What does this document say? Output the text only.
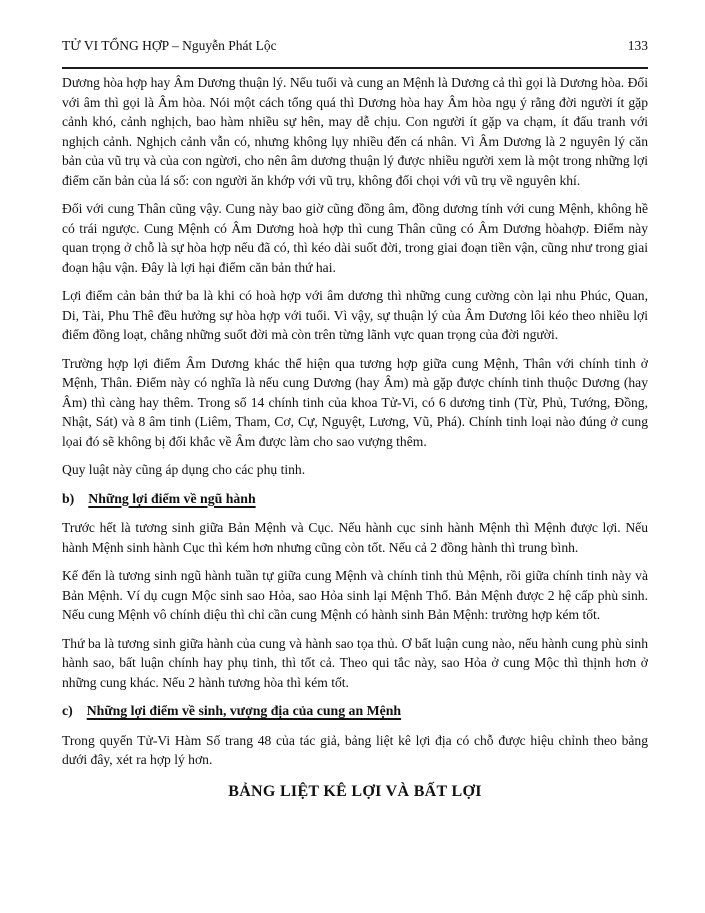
TỬ VI TỔNG HỢP – Nguyễn Phát Lộc	133

Dương hòa hợp hay Âm Dương thuận lý. Nếu tuổi và cung an Mệnh là Dương cả thì gọi là Dương hòa. Đối với âm thì gọi là Âm hòa. Nói một cách tổng quá thì Dương hòa hay Âm hòa ngụ ý rằng đời người ít gặp cảnh khó, cảnh nghịch, bao hàm nhiều sự hên, may dễ chịu. Con người ít gặp va chạm, ít đấu tranh với nghịch cảnh. Nghịch cảnh vẫn có, nhưng không lụy nhiều đến cá nhân. Vì Âm Dương là 2 nguyên lý căn bản của vũ trụ và của con ngừơi, cho nên âm dương thuận lý được nhiều người xem là một trong những lợi điểm căn bản của lá số: con người ăn khớp với vũ trụ, không đối chọi với vũ trụ về nguyên khí.

Đối với cung Thân cũng vậy. Cung này bao giờ cũng đồng âm, đồng dương tính với cung Mệnh, không hề có trái ngược. Cung Mệnh có Âm Dương hoà hợp thì cung Thân cũng có Âm Dương hòahợp. Điểm này quan trọng ở chỗ là sự hòa hợp nếu đã có, thì kéo dài suốt đời, trong giai đoạn tiền vận, cũng như trong giai đoạn hậu vận. Đây là lợi hại điểm căn bản thứ hai.

Lợi điểm cản bản thứ ba là khi có hoà hợp với âm dương thì những cung cường còn lại nhu Phúc, Quan, Di, Tài, Phu Thê đều hưởng sự hòa hợp với tuổi. Vì vậy, sự thuận lý của Âm Dương lôi kéo theo nhiều lợi điểm đồng loạt, chẳng những suốt đời mà còn trên từng lãnh vực quan trọng của đời người.

Trường hợp lợi điểm Âm Dương khác thể hiện qua tương hợp giữa cung Mệnh, Thân với chính tinh ở Mệnh, Thân. Điểm này có nghĩa là nếu cung Dương (hay Âm) mà gặp được chính tinh thuộc Dương (hay Âm) thì càng hay thêm. Trong số 14 chính tinh của khoa Tử-Vi, có 6 dương tinh (Từ, Phủ, Tướng, Đồng, Nhật, Sát) và 8 âm tinh (Liêm, Tham, Cơ, Cự, Nguyệt, Lương, Vũ, Phá). Chính tinh loại nào đúng ở cung lọai đó sẽ không bị đối khắc về Âm được làm cho sao vượng thêm.

Quy luật này cũng áp dụng cho các phụ tinh.

b) Những lợi điểm về ngũ hành

Trước hết là tương sinh giữa Bản Mệnh và Cục. Nếu hành cục sinh hành Mệnh thì Mệnh được lợi. Nếu hành Mệnh sinh hành Cục thì kém hơn nhưng cũng còn tốt. Nếu cả 2 đồng hành thì trung bình.

Kế đến là tương sinh ngũ hành tuần tự giữa cung Mệnh và chính tinh thủ Mệnh, rồi giữa chính tinh này và Bản Mệnh. Ví dụ cugn Mộc sinh sao Hỏa, sao Hỏa sinh lại Mệnh Thổ. Bản Mệnh được 2 hệ cấp phù sinh. Nếu cung Mệnh vô chính diệu thì chỉ cần cung Mệnh có hành sinh Bản Mệnh: trường hợp kém tốt.

Thứ ba là tương sinh giữa hành của cung và hành sao tọa thủ. Ơ bất luận cung nào, nếu hành cung phù sinh hành sao, bất luận chính hay phụ tinh, thì tốt cả. Theo qui tắc này, sao Hỏa ở cung Mộc thì thịnh hơn ở những cung khác. Nếu 2 hành tương hòa thì kém tốt.

c) Những lợi điểm về sinh, vượng địa của cung an Mệnh

Trong quyển Tử-Vi Hàm Số trang 48 của tác giả, bảng liệt kê lợi địa có chỗ được hiệu chỉnh theo bảng dưới đây, xét ra hợp lý hơn.

BẢNG LIỆT KÊ LỢI VÀ BẤT LỢI
